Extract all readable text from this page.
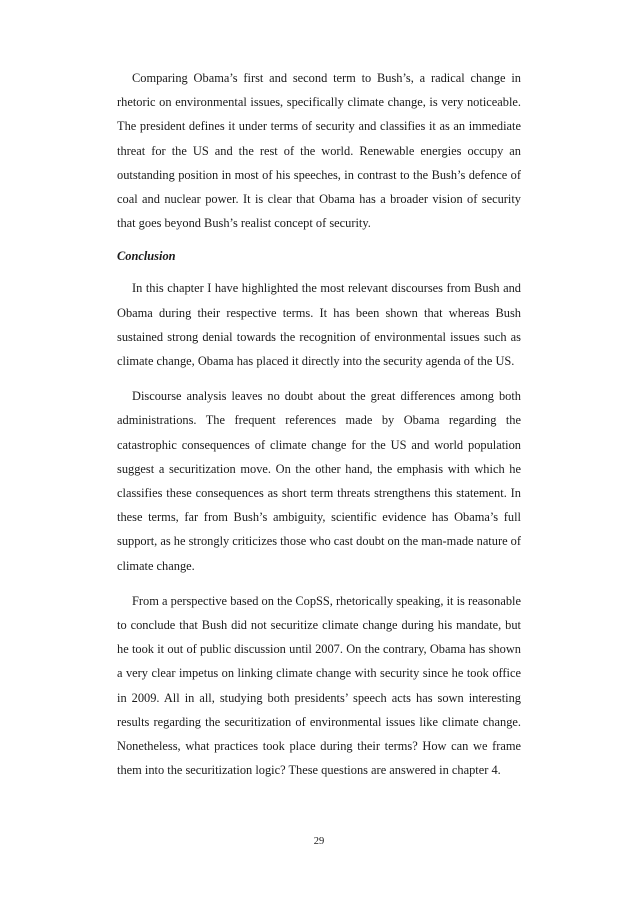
Comparing Obama’s first and second term to Bush’s, a radical change in rhetoric on environmental issues, specifically climate change, is very noticeable. The president defines it under terms of security and classifies it as an immediate threat for the US and the rest of the world. Renewable energies occupy an outstanding position in most of his speeches, in contrast to the Bush’s defence of coal and nuclear power. It is clear that Obama has a broader vision of security that goes beyond Bush’s realist concept of security.

Conclusion

In this chapter I have highlighted the most relevant discourses from Bush and Obama during their respective terms. It has been shown that whereas Bush sustained strong denial towards the recognition of environmental issues such as climate change, Obama has placed it directly into the security agenda of the US.

Discourse analysis leaves no doubt about the great differences among both administrations. The frequent references made by Obama regarding the catastrophic consequences of climate change for the US and world population suggest a securitization move. On the other hand, the emphasis with which he classifies these consequences as short term threats strengthens this statement. In these terms, far from Bush’s ambiguity, scientific evidence has Obama’s full support, as he strongly criticizes those who cast doubt on the man-made nature of climate change.

From a perspective based on the CopSS, rhetorically speaking, it is reasonable to conclude that Bush did not securitize climate change during his mandate, but he took it out of public discussion until 2007. On the contrary, Obama has shown a very clear impetus on linking climate change with security since he took office in 2009. All in all, studying both presidents’ speech acts has sown interesting results regarding the securitization of environmental issues like climate change. Nonetheless, what practices took place during their terms? How can we frame them into the securitization logic? These questions are answered in chapter 4.

29
